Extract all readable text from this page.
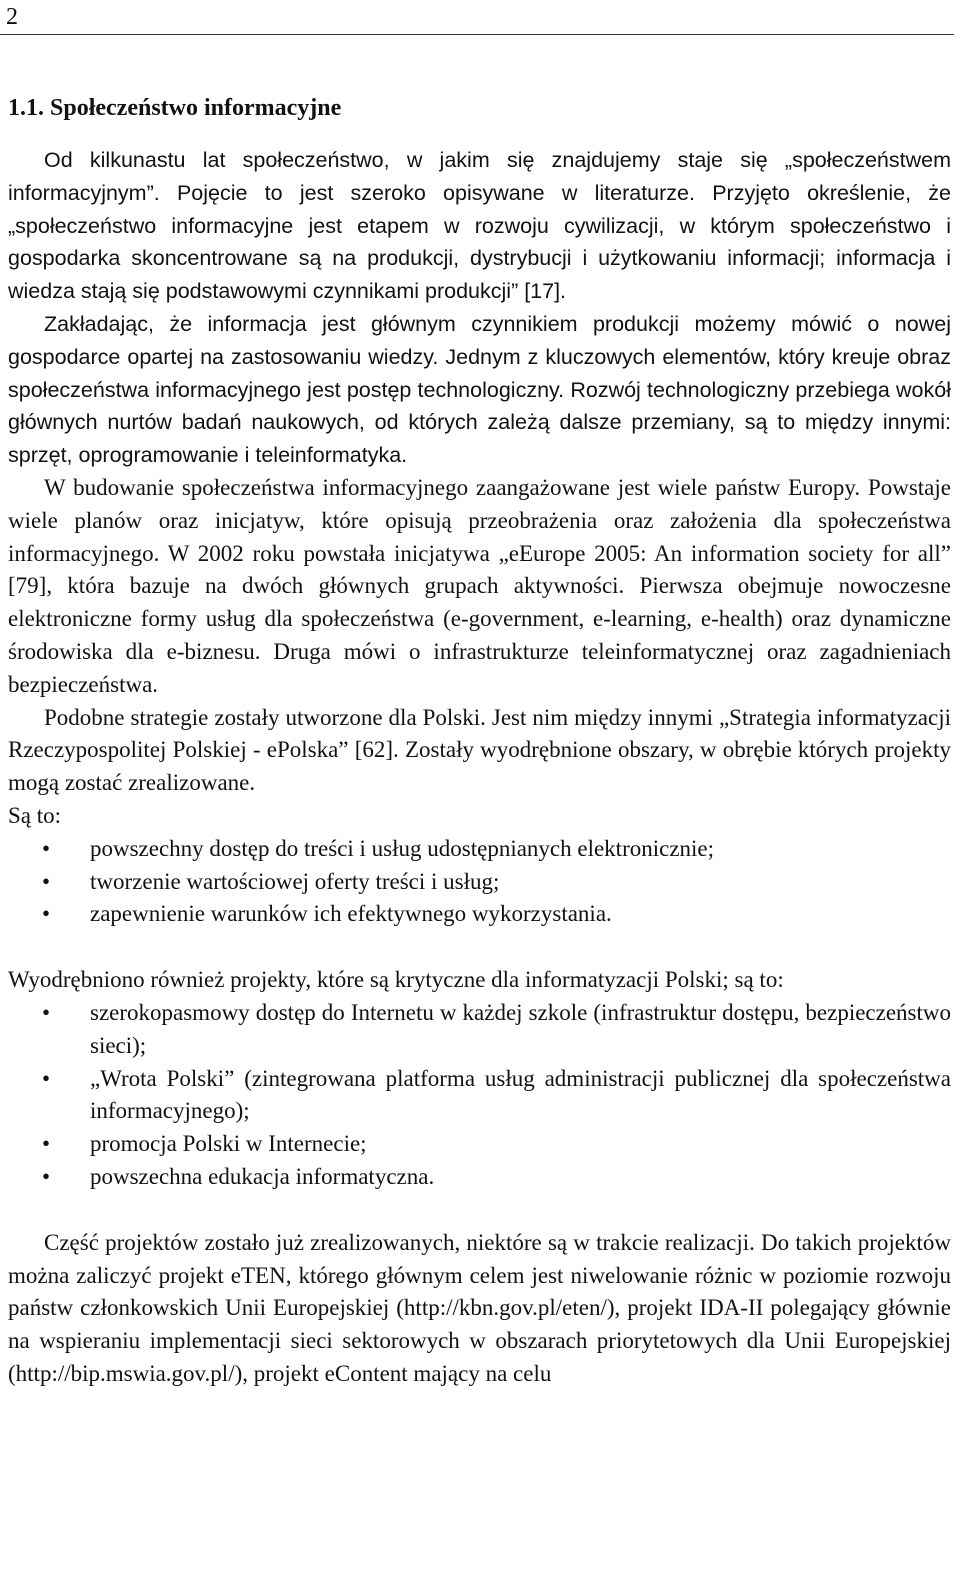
2
1.1. Społeczeństwo informacyjne

Od kilkunastu lat społeczeństwo, w jakim się znajdujemy staje się „społeczeństwem informacyjnym”. Pojęcie to jest szeroko opisywane w literaturze. Przyjęto określenie, że „społeczeństwo informacyjne jest etapem w rozwoju cywilizacji, w którym społeczeństwo i gospodarka skoncentrowane są na produkcji, dystrybucji i użytkowaniu informacji; informacja i wiedza stają się podstawowymi czynnikami produkcji” [17].

Zakładając, że informacja jest głównym czynnikiem produkcji możemy mówić o nowej gospodarce opartej na zastosowaniu wiedzy. Jednym z kluczowych elementów, który kreuje obraz społeczeństwa informacyjnego jest postęp technologiczny. Rozwój technologiczny przebiega wokół głównych nurtów badań naukowych, od których zależą dalsze przemiany, są to między innymi: sprzęt, oprogramowanie i teleinformatyka.

W budowanie społeczeństwa informacyjnego zaangażowane jest wiele państw Europy. Powstaje wiele planów oraz inicjatyw, które opisują przeobrażenia oraz założenia dla społeczeństwa informacyjnego. W 2002 roku powstała inicjatywa „eEurope 2005: An information society for all” [79], która bazuje na dwóch głównych grupach aktywności. Pierwsza obejmuje nowoczesne elektroniczne formy usług dla społeczeństwa (e-government, e-learning, e-health) oraz dynamiczne środowiska dla e-biznesu. Druga mówi o infrastrukturze teleinformatycznej oraz zagadnieniach bezpieczeństwa.

Podobne strategie zostały utworzone dla Polski. Jest nim między innymi „Strategia informatyzacji Rzeczypospolitej Polskiej - ePolska” [62]. Zostały wyodrębnione obszary, w obrębie których projekty mogą zostać zrealizowane.

Są to:

• powszechny dostęp do treści i usług udostępnianych elektronicznie;
• tworzenie wartościowej oferty treści i usług;
• zapewnienie warunków ich efektywnego wykorzystania.

Wyodrębniono również projekty, które są krytyczne dla informatyzacji Polski; są to:

• szerokopasmowy dostęp do Internetu w każdej szkole (infrastruktur dostępu, bezpieczeństwo sieci);
• „Wrota Polski” (zintegrowana platforma usług administracji publicznej dla społeczeństwa informacyjnego);
• promocja Polski w Internecie;
• powszechna edukacja informatyczna.

Część projektów zostało już zrealizowanych, niektóre są w trakcie realizacji. Do takich projektów można zaliczyć projekt eTEN, którego głównym celem jest niwelowanie różnic w poziomie rozwoju państw członkowskich Unii Europejskiej (http://kbn.gov.pl/eten/), projekt IDA-II polegający głównie na wspieraniu implementacji sieci sektorowych w obszarach priorytetowych dla Unii Europejskiej (http://bip.mswia.gov.pl/), projekt eContent mający na celu
